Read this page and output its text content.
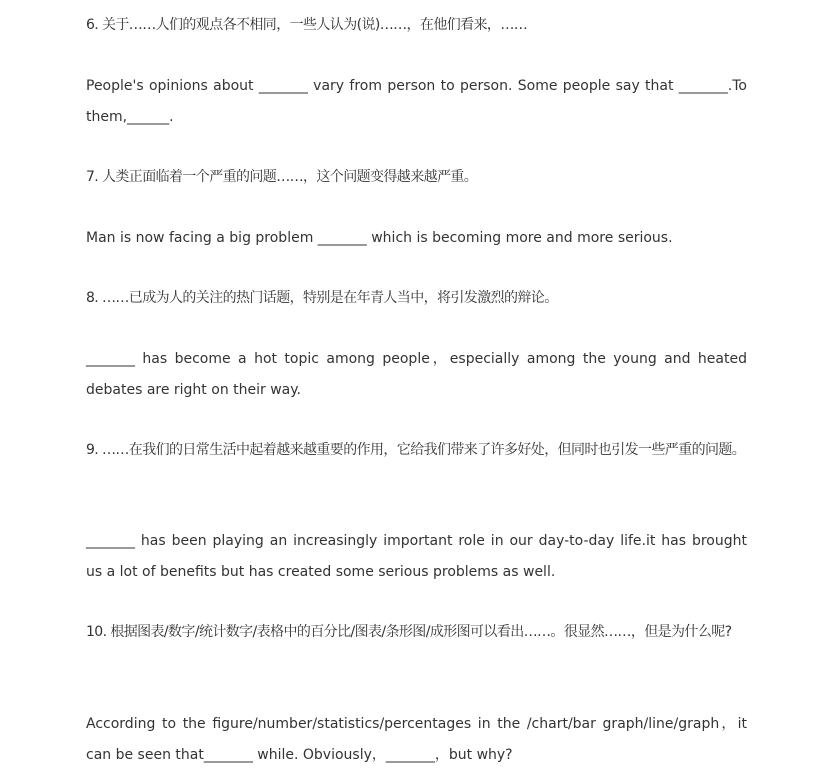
6. 关于……人们的观点各不相同，一些人认为(说)……，在他们看来，……

People's opinions about _______ vary from person to person. Some people say that _______.To them,______.

7. 人类正面临着一个严重的问题……，这个问题变得越来越严重。

Man is now facing a big problem _______ which is becoming more and more serious.

8. ……已成为人的关注的热门话题，特别是在年青人当中，将引发激烈的辩论。

_______ has become a hot topic among people，especially among the young and heated debates are right on their way.

9. ……在我们的日常生活中起着越来越重要的作用，它给我们带来了许多好处，但同时也引发一些严重的问题。

_______ has been playing an increasingly important role in our day-to-day life.it has brought us a lot of benefits but has created some serious problems as well.

10. 根据图表/数字/统计数字/表格中的百分比/图表/条形图/成形图可以看出……。很显然……，但是为什么呢?

According to the figure/number/statistics/percentages in the /chart/bar graph/line/graph，it can be seen that_______ while. Obviously，_______，but why?
